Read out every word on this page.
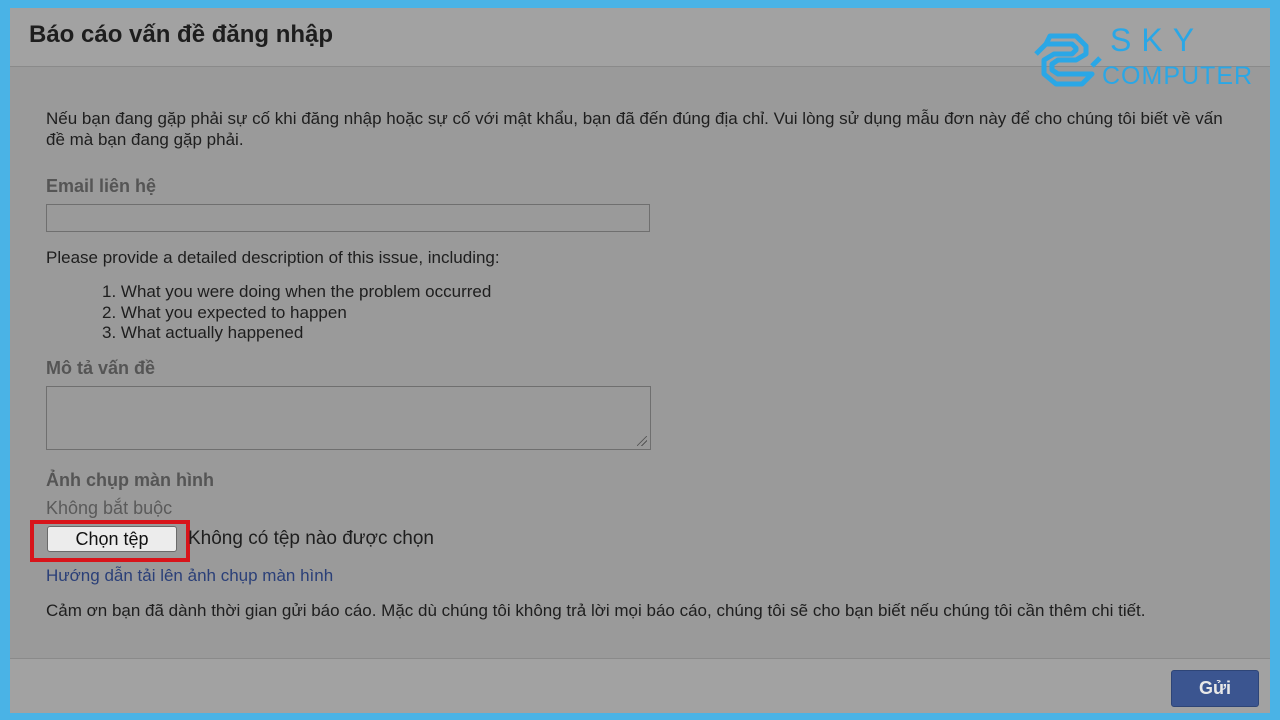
Báo cáo vấn đề đăng nhập
Nếu bạn đang gặp phải sự cố khi đăng nhập hoặc sự cố với mật khẩu, bạn đã đến đúng địa chỉ. Vui lòng sử dụng mẫu đơn này để cho chúng tôi biết về vấn đề mà bạn đang gặp phải.
Email liên hệ
Please provide a detailed description of this issue, including:
1. What you were doing when the problem occurred
2. What you expected to happen
3. What actually happened
Mô tả vấn đề
Ảnh chụp màn hình
Không bắt buộc
Chọn tệp	Không có tệp nào được chọn
Hướng dẫn tải lên ảnh chụp màn hình
Cảm ơn bạn đã dành thời gian gửi báo cáo. Mặc dù chúng tôi không trả lời mọi báo cáo, chúng tôi sẽ cho bạn biết nếu chúng tôi cần thêm chi tiết.
Gửi
SKY
COMPUTER
